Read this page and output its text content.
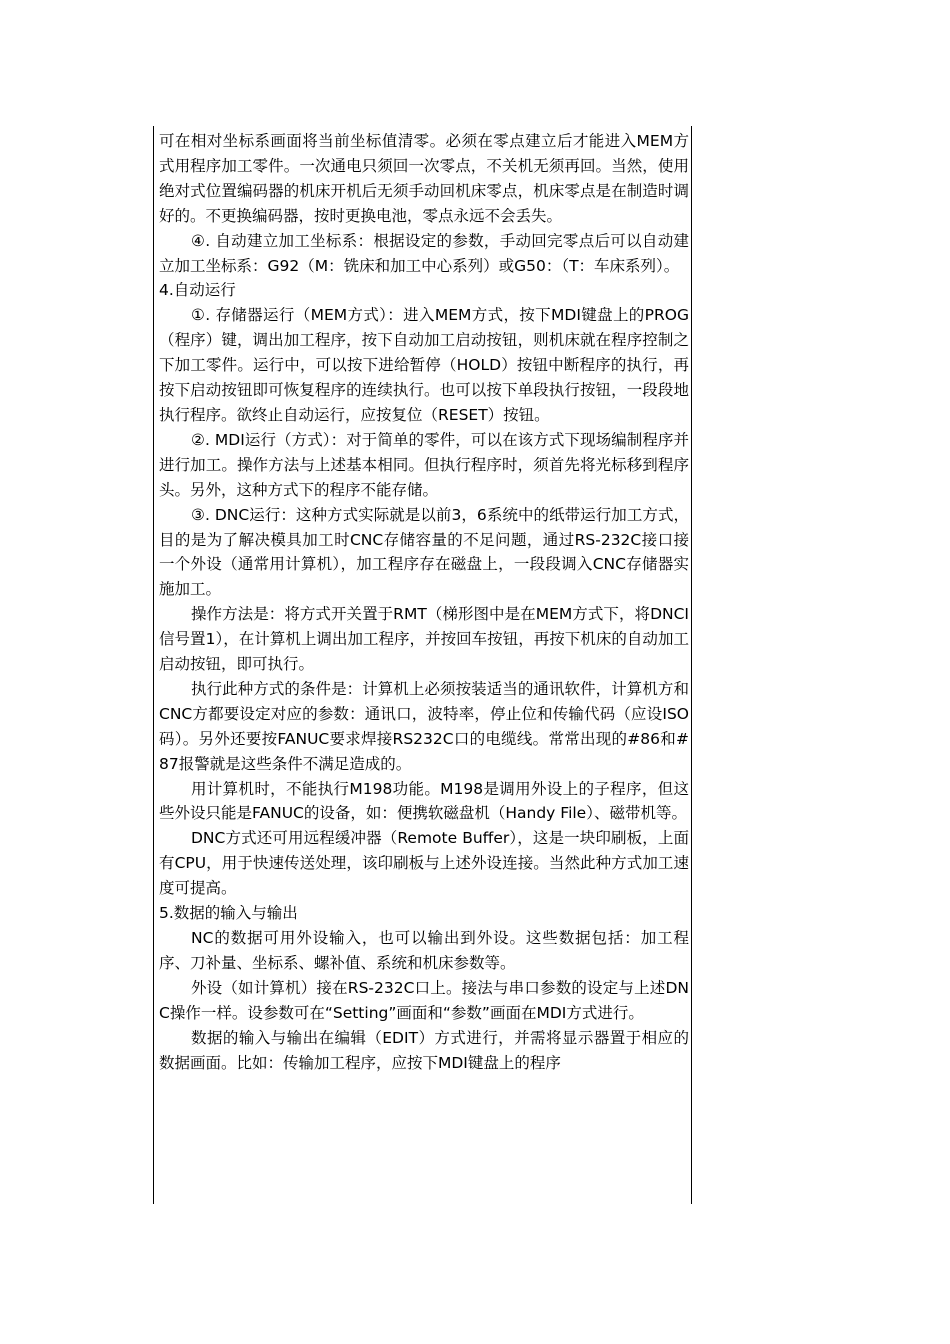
可在相对坐标系画面将当前坐标值清零。必须在零点建立后才能进入MEM方式用程序加工零件。一次通电只须回一次零点，不关机无须再回。当然，使用绝对式位置编码器的机床开机后无须手动回机床零点，机床零点是在制造时调好的。不更换编码器，按时更换电池，零点永远不会丢失。

④. 自动建立加工坐标系：根据设定的参数，手动回完零点后可以自动建立加工坐标系：G92（M：铣床和加工中心系列）或G50：（T：车床系列）。

4.自动运行

①. 存储器运行（MEM方式）：进入MEM方式，按下MDI键盘上的PROG（程序）键，调出加工程序，按下自动加工启动按钮，则机床就在程序控制之下加工零件。运行中，可以按下进给暂停（HOLD）按钮中断程序的执行，再按下启动按钮即可恢复程序的连续执行。也可以按下单段执行按钮，一段段地执行程序。欲终止自动运行，应按复位（RESET）按钮。

②. MDI运行（方式）：对于简单的零件，可以在该方式下现场编制程序并进行加工。操作方法与上述基本相同。但执行程序时，须首先将光标移到程序头。另外，这种方式下的程序不能存储。

③. DNC运行：这种方式实际就是以前3，6系统中的纸带运行加工方式，目的是为了解决模具加工时CNC存储容量的不足问题，通过RS-232C接口接一个外设（通常用计算机），加工程序存在磁盘上，一段段调入CNC存储器实施加工。

操作方法是：将方式开关置于RMT（梯形图中是在MEM方式下，将DNCI信号置1），在计算机上调出加工程序，并按回车按钮，再按下机床的自动加工启动按钮，即可执行。

执行此种方式的条件是：计算机上必须按装适当的通讯软件，计算机方和CNC方都要设定对应的参数：通讯口，波特率，停止位和传输代码（应设ISO码）。另外还要按FANUC要求焊接RS232C口的电缆线。常常出现的#86和#87报警就是这些条件不满足造成的。

用计算机时，不能执行M198功能。M198是调用外设上的子程序，但这些外设只能是FANUC的设备，如：便携软磁盘机（Handy File）、磁带机等。

DNC方式还可用远程缓冲器（Remote Buffer），这是一块印刷板，上面有CPU，用于快速传送处理，该印刷板与上述外设连接。当然此种方式加工速度可提高。

5.数据的输入与输出

NC的数据可用外设输入，也可以输出到外设。这些数据包括：加工程序、刀补量、坐标系、螺补值、系统和机床参数等。

外设（如计算机）接在RS-232C口上。接法与串口参数的设定与上述DNC操作一样。设参数可在“Setting”画面和“参数”画面在MDI方式进行。

数据的输入与输出在编辑（EDIT）方式进行，并需将显示器置于相应的数据画面。比如：传输加工程序，应按下MDI键盘上的程序
